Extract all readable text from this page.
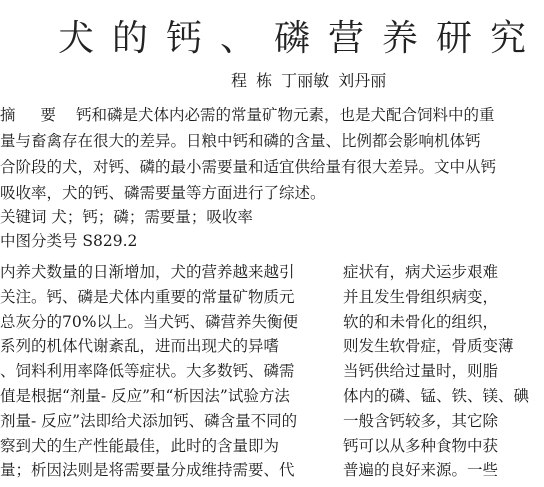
犬的钙、磷营养研究
程 栋 丁丽敏 刘丹丽
摘 要 钙和磷是犬体内必需的常量矿物元素，也是犬配合饲料中的重
量与畜禽存在很大的差异。日粮中钙和磷的含量、比例都会影响机体钙
合阶段的犬，对钙、磷的最小需要量和适宜供给量有很大差异。文中从钙
吸收率，犬的钙、磷需要量等方面进行了综述。
关键词 犬；钙；磷；需要量；吸收率
中图分类号 S829.2
内养犬数量的日渐增加，犬的营养越来越引
关注。钙、磷是犬体内重要的常量矿物质元
总灰分的70%以上。当犬钙、磷营养失衡便
系列的机体代谢紊乱，进而出现犬的异嗜
、饲料利用率降低等症状。大多数钙、磷需
值是根据“剂量- 反应”和“析因法”试验方法
剂量- 反应”法即给犬添加钙、磷含量不同的
察到犬的生产性能最佳，此时的含量即为
量；析因法则是将需要量分成维持需要、代
症状有，病犬运步艰难
并且发生骨组织病变，
软的和未骨化的组织，
则发生软骨症，骨质变薄
当钙供给过量时，则脂
体内的磷、锰、铁、镁、碘
一般含钙较多，其它除
钙可以从多种食物中获
普遍的良好来源。一些
